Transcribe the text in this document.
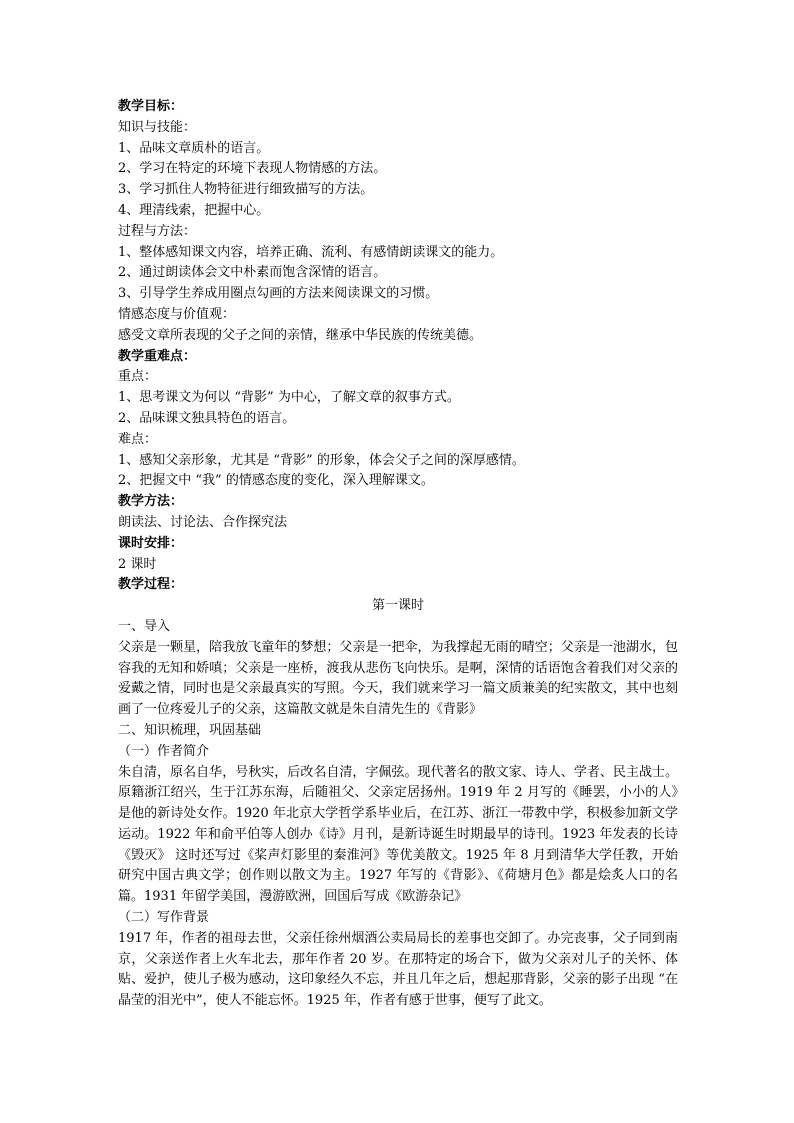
教学目标：
知识与技能：
1、品味文章质朴的语言。
2、学习在特定的环境下表现人物情感的方法。
3、学习抓住人物特征进行细致描写的方法。
4、理清线索，把握中心。
过程与方法：
1、整体感知课文内容，培养正确、流利、有感情朗读课文的能力。
2、通过朗读体会文中朴素而饱含深情的语言。
3、引导学生养成用圈点勾画的方法来阅读课文的习惯。
情感态度与价值观：
感受文章所表现的父子之间的亲情，继承中华民族的传统美德。
教学重难点：
重点：
1、思考课文为何以 “背影” 为中心，了解文章的叙事方式。
2、品味课文独具特色的语言。
难点：
1、感知父亲形象，尤其是 “背影” 的形象，体会父子之间的深厚感情。
2、把握文中 “我” 的情感态度的变化，深入理解课文。
教学方法：
朗读法、讨论法、合作探究法
课时安排：
2 课时
教学过程：
第一课时
一、导入
父亲是一颗星，陪我放飞童年的梦想；父亲是一把伞，为我撑起无雨的晴空；父亲是一池湖水，包容我的无知和娇嗔；父亲是一座桥，渡我从悲伤飞向快乐。是啊，深情的话语饱含着我们对父亲的爱戴之情，同时也是父亲最真实的写照。今天，我们就来学习一篇文质兼美的纪实散文，其中也刻画了一位疼爱儿子的父亲，这篇散文就是朱自清先生的《背影》
二、知识梳理，巩固基础
（一）作者简介
朱自清，原名自华，号秋实，后改名自清，字佩弦。现代著名的散文家、诗人、学者、民主战士。原籍浙江绍兴，生于江苏东海，后随祖父、父亲定居扬州。1919 年 2 月写的《睡罢，小小的人》是他的新诗处女作。1920 年北京大学哲学系毕业后，在江苏、浙江一带教中学，积极参加新文学运动。1922 年和俞平伯等人创办《诗》月刊，是新诗诞生时期最早的诗刊。1923 年发表的长诗《毁灭》 这时还写过《桨声灯影里的秦淮河》等优美散文。1925 年 8 月到清华大学任教，开始研究中国古典文学；创作则以散文为主。1927 年写的《背影》、《荷塘月色》都是烩炙人口的名篇。1931 年留学美国，漫游欧洲，回国后写成《欧游杂记》
（二）写作背景
1917 年，作者的祖母去世，父亲任徐州烟酒公卖局局长的差事也交卸了。办完丧事，父子同到南京，父亲送作者上火车北去，那年作者 20 岁。在那特定的场合下，做为父亲对儿子的关怀、体贴、爱护，使儿子极为感动，这印象经久不忘，并且几年之后，想起那背影，父亲的影子出现 “在晶莹的泪光中”，使人不能忘怀。1925 年，作者有感于世事，便写了此文。
